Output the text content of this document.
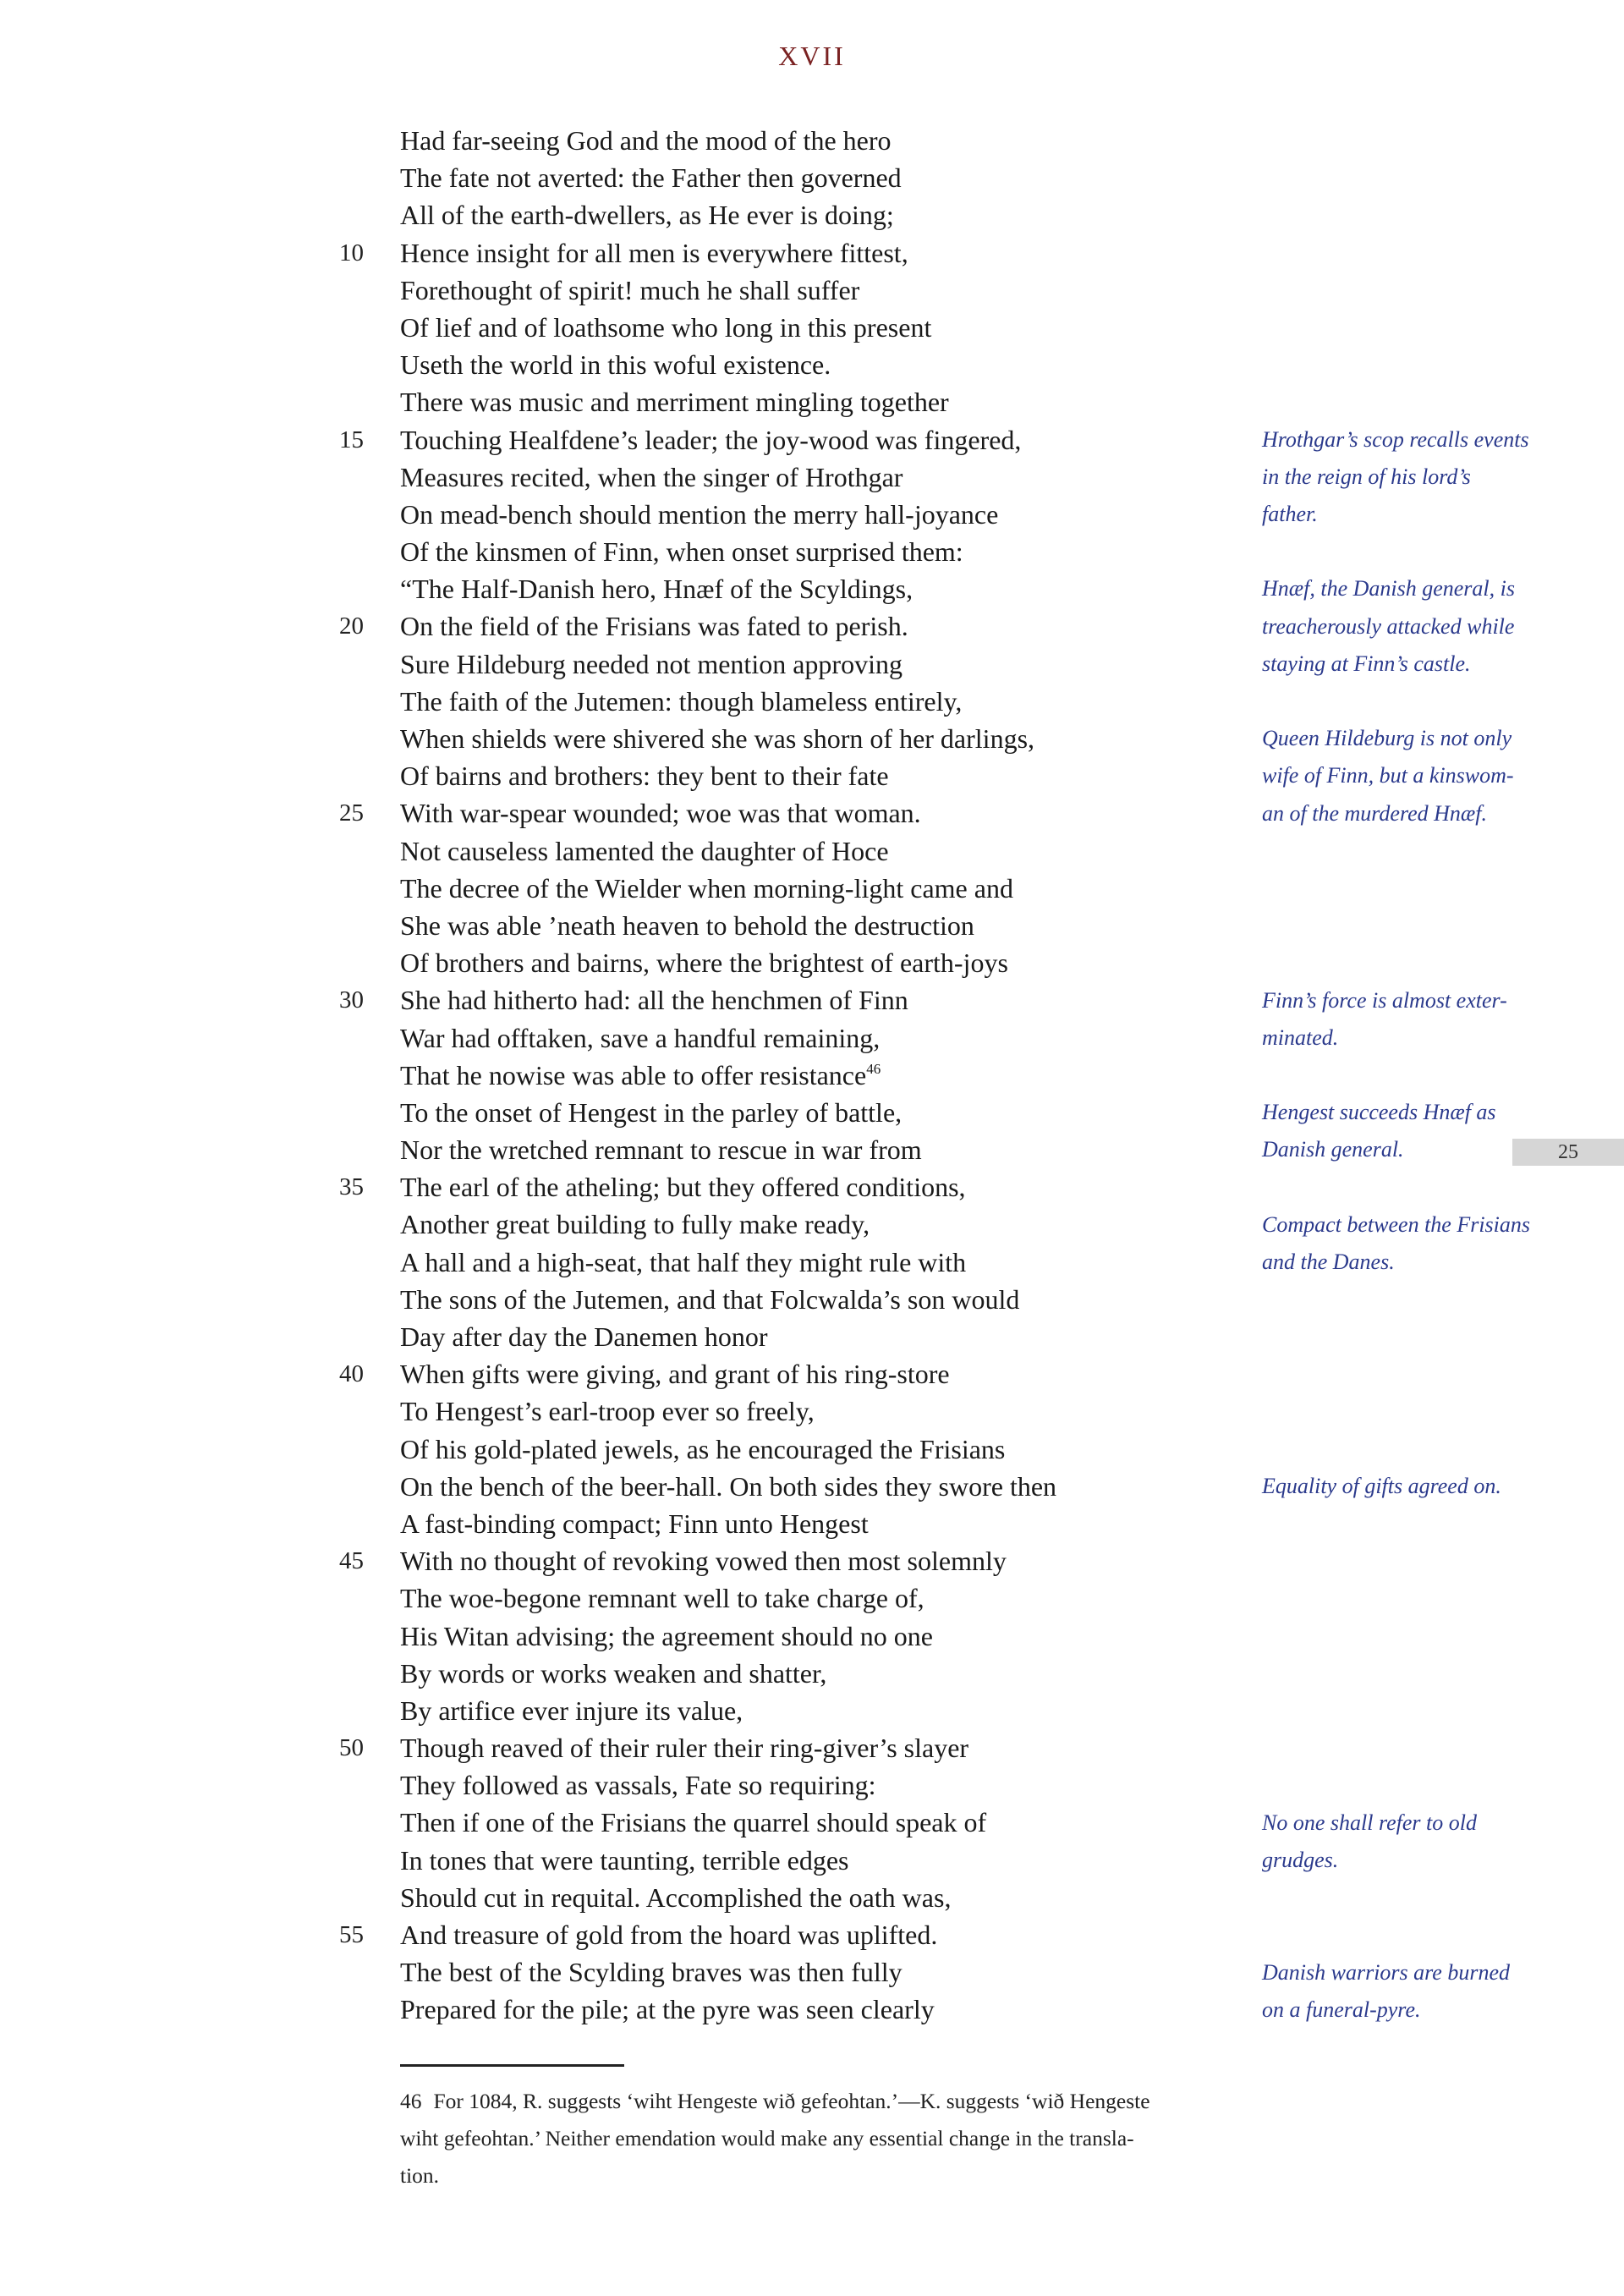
XVII
Had far-seeing God and the mood of the hero
The fate not averted: the Father then governed
All of the earth-dwellers, as He ever is doing;
10 Hence insight for all men is everywhere fittest,
Forethought of spirit! much he shall suffer
Of lief and of loathsome who long in this present
Useth the world in this woful existence.
There was music and merriment mingling together
15 Touching Healfdene’s leader; the joy-wood was fingered,
Measures recited, when the singer of Hrothgar
On mead-bench should mention the merry hall-joyance
Of the kinsmen of Finn, when onset surprised them:
“The Half-Danish hero, Hnæf of the Scyldings,
20 On the field of the Frisians was fated to perish.
Sure Hildeburg needed not mention approving
The faith of the Jutemen: though blameless entirely,
When shields were shivered she was shorn of her darlings,
Of bairns and brothers: they bent to their fate
25 With war-spear wounded; woe was that woman.
Not causeless lamented the daughter of Hoce
The decree of the Wielder when morning-light came and
She was able ’neath heaven to behold the destruction
Of brothers and bairns, where the brightest of earth-joys
30 She had hitherto had: all the henchmen of Finn
War had offtaken, save a handful remaining,
That he nowise was able to offer resistance$^{46}$
To the onset of Hengest in the parley of battle,
Nor the wretched remnant to rescue in war from
35 The earl of the atheling; but they offered conditions,
Another great building to fully make ready,
A hall and a high-seat, that half they might rule with
The sons of the Jutemen, and that Folcwalda’s son would
Day after day the Danemen honor
40 When gifts were giving, and grant of his ring-store
To Hengest’s earl-troop ever so freely,
Of his gold-plated jewels, as he encouraged the Frisians
On the bench of the beer-hall. On both sides they swore then
A fast-binding compact; Finn unto Hengest
45 With no thought of revoking vowed then most solemnly
The woe-begone remnant well to take charge of,
His Witan advising; the agreement should no one
By words or works weaken and shatter,
By artifice ever injure its value,
50 Though reaved of their ruler their ring-giver’s slayer
They followed as vassals, Fate so requiring:
Then if one of the Frisians the quarrel should speak of
In tones that were taunting, terrible edges
Should cut in requital. Accomplished the oath was,
55 And treasure of gold from the hoard was uplifted.
The best of the Scylding braves was then fully
Prepared for the pile; at the pyre was seen clearly
25
46 For 1084, R. suggests ‘wiht Hengeste wið gefeohtan.’—K. suggests ‘wið Hengeste
wiht gefeohtan.’ Neither emendation would make any essential change in the transla-
tion.
Hrothgar’s scop recalls events
in the reign of his lord’s
father.
Hnæf, the Danish general, is
treacherously attacked while
staying at Finn’s castle.
Queen Hildeburg is not only
wife of Finn, but a kinswom-
an of the murdered Hnæf.
Finn’s force is almost exter-
minated.
Hengest succeeds Hnæf as
Danish general.
Compact between the Frisians
and the Danes.
Equality of gifts agreed on.
No one shall refer to old
grudges.
Danish warriors are burned
on a funeral-pyre.
